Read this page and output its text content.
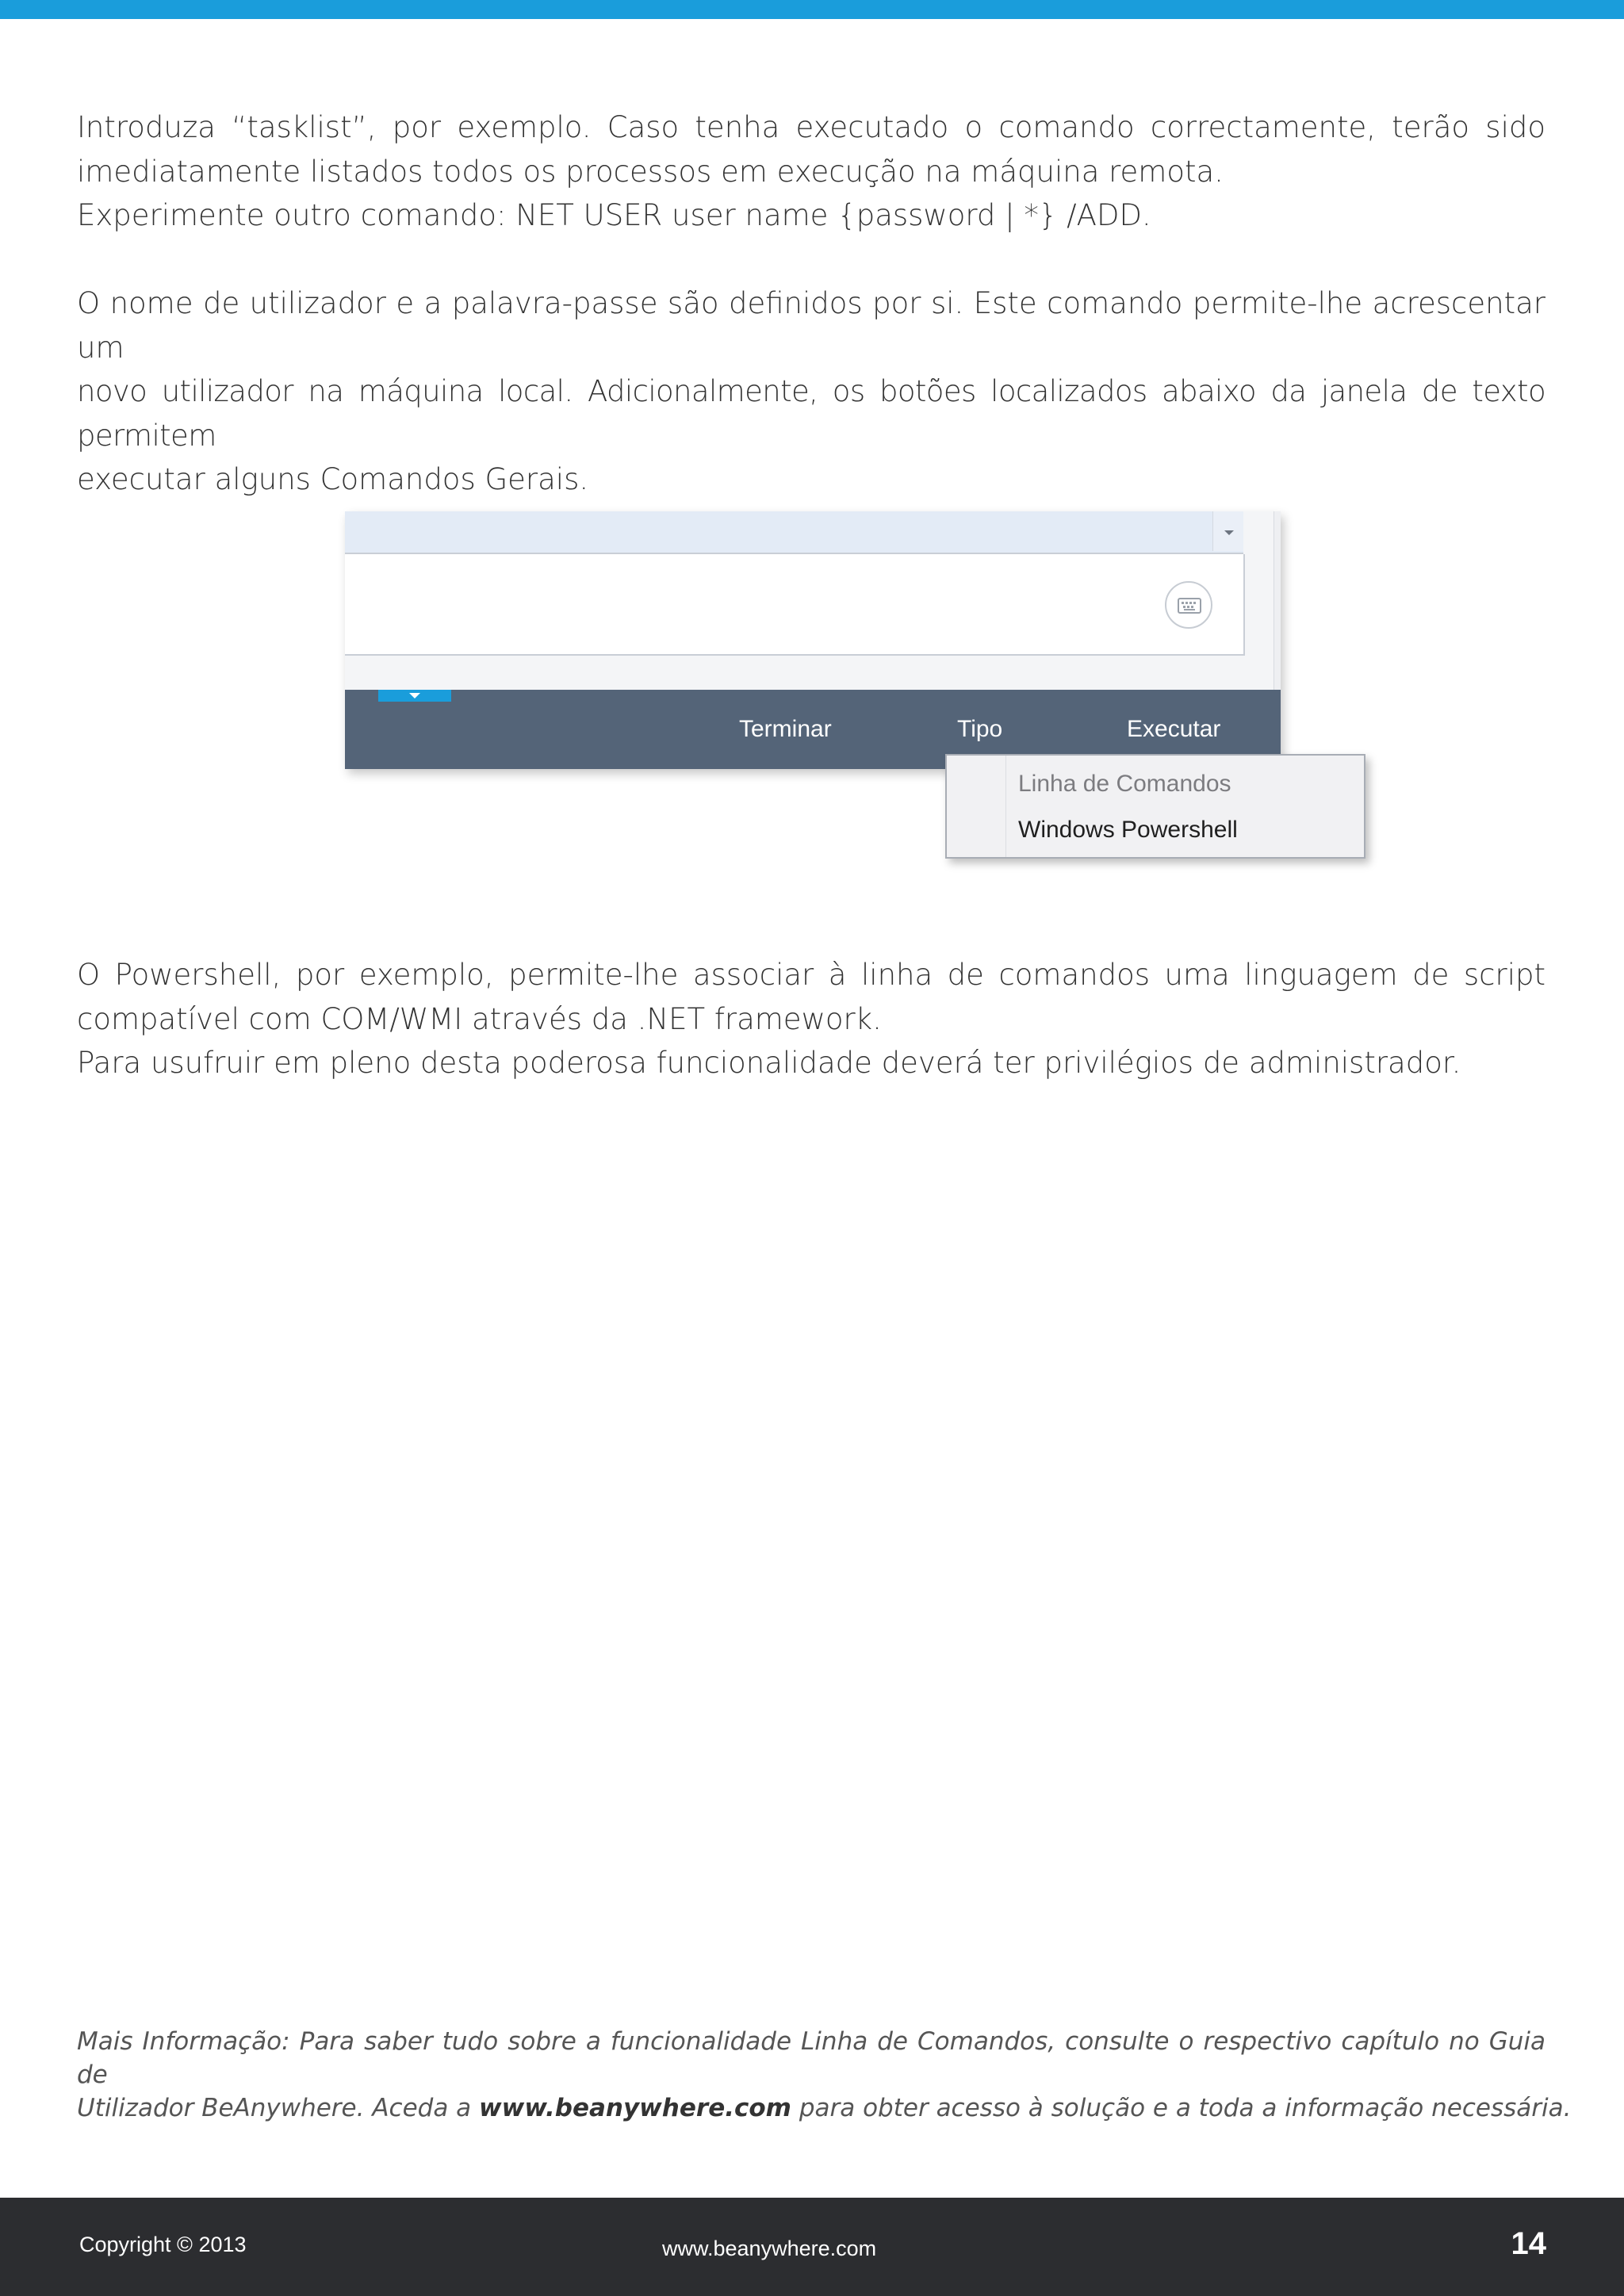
Introduza “tasklist”, por exemplo. Caso tenha executado o comando correctamente, terão sido
imediatamente listados todos os processos em execução na máquina remota.
Experimente outro comando: NET USER user name {password | *} /ADD.

O nome de utilizador e a palavra-passe são definidos por si. Este comando permite-lhe acrescentar um
novo utilizador na máquina local. Adicionalmente, os botões localizados abaixo da janela de texto permitem
executar alguns Comandos Gerais.

Terminar	Tipo	Executar
Linha de Comandos
Windows Powershell

O Powershell, por exemplo, permite-lhe associar à linha de comandos uma linguagem de script
compatível com COM/WMI através da .NET framework.
Para usufruir em pleno desta poderosa funcionalidade deverá ter privilégios de administrador.

Mais Informação: Para saber tudo sobre a funcionalidade Linha de Comandos, consulte o respectivo capítulo no Guia de
Utilizador BeAnywhere. Aceda a www.beanywhere.com para obter acesso à solução e a toda a informação necessária.

Copyright © 2013	www.beanywhere.com	14
